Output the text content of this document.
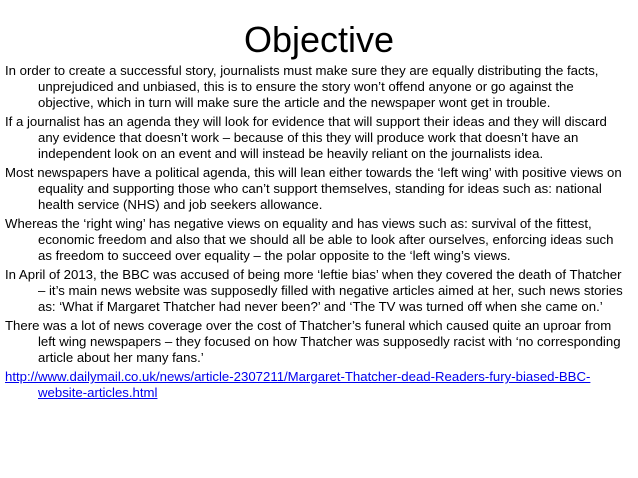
Objective

In order to create a successful story, journalists must make sure they are equally distributing the facts, unprejudiced and unbiased, this is to ensure the story won’t offend anyone or go against the objective, which in turn will make sure the article and the newspaper wont get in trouble.

If a journalist has an agenda they will look for evidence that will support their ideas and they will discard any evidence that doesn’t work – because of this they will produce work that doesn’t have an independent look on an event and will instead be heavily reliant on the journalists idea.

Most newspapers have a political agenda, this will lean either towards the ‘left wing’ with positive views on equality and supporting those who can’t support themselves, standing for ideas such as: national health service (NHS) and job seekers allowance.

Whereas the ‘right wing’ has negative views on equality and has views such as: survival of the fittest, economic freedom and also that we should all be able to look after ourselves, enforcing ideas such as freedom to succeed over equality – the polar opposite to the ‘left wing’s views.

In April of 2013, the BBC was accused of being more ‘leftie bias’ when they covered the death of Thatcher – it’s main news website was supposedly filled with negative articles aimed at her, such news stories as: ‘What if Margaret Thatcher had never been?’ and ‘The TV was turned off when she came on.’

There was a lot of news coverage over the cost of Thatcher’s funeral which caused quite an uproar from left wing newspapers – they focused on how Thatcher was supposedly racist with ‘no corresponding article about her many fans.’

http://www.dailymail.co.uk/news/article-2307211/Margaret-Thatcher-dead-Readers-fury-biased-BBC-website-articles.html
